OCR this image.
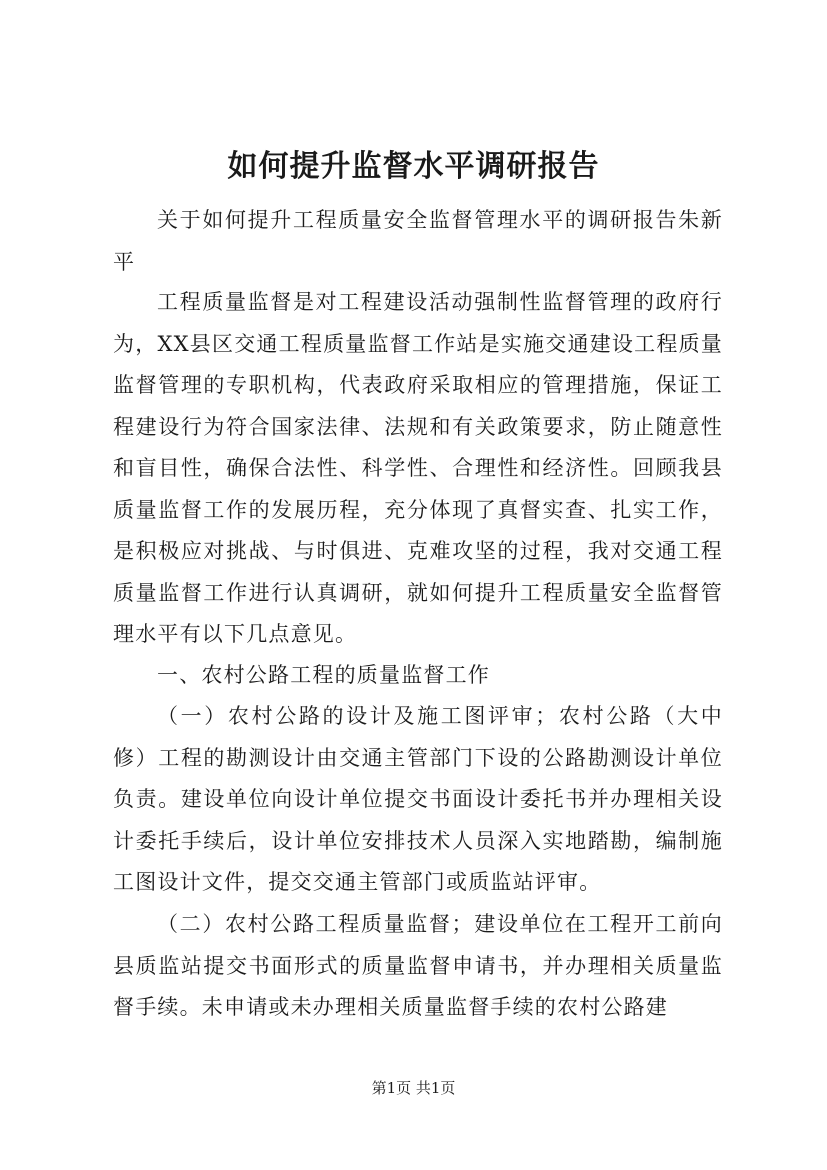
如何提升监督水平调研报告
关于如何提升工程质量安全监督管理水平的调研报告朱新平
工程质量监督是对工程建设活动强制性监督管理的政府行为，XX县区交通工程质量监督工作站是实施交通建设工程质量监督管理的专职机构，代表政府采取相应的管理措施，保证工程建设行为符合国家法律、法规和有关政策要求，防止随意性和盲目性，确保合法性、科学性、合理性和经济性。回顾我县质量监督工作的发展历程，充分体现了真督实查、扎实工作，是积极应对挑战、与时俱进、克难攻坚的过程，我对交通工程质量监督工作进行认真调研，就如何提升工程质量安全监督管理水平有以下几点意见。
一、农村公路工程的质量监督工作
（一）农村公路的设计及施工图评审；农村公路（大中修）工程的勘测设计由交通主管部门下设的公路勘测设计单位负责。建设单位向设计单位提交书面设计委托书并办理相关设计委托手续后，设计单位安排技术人员深入实地踏勘，编制施工图设计文件，提交交通主管部门或质监站评审。
（二）农村公路工程质量监督；建设单位在工程开工前向县质监站提交书面形式的质量监督申请书，并办理相关质量监督手续。未申请或未办理相关质量监督手续的农村公路建
第1页 共1页
